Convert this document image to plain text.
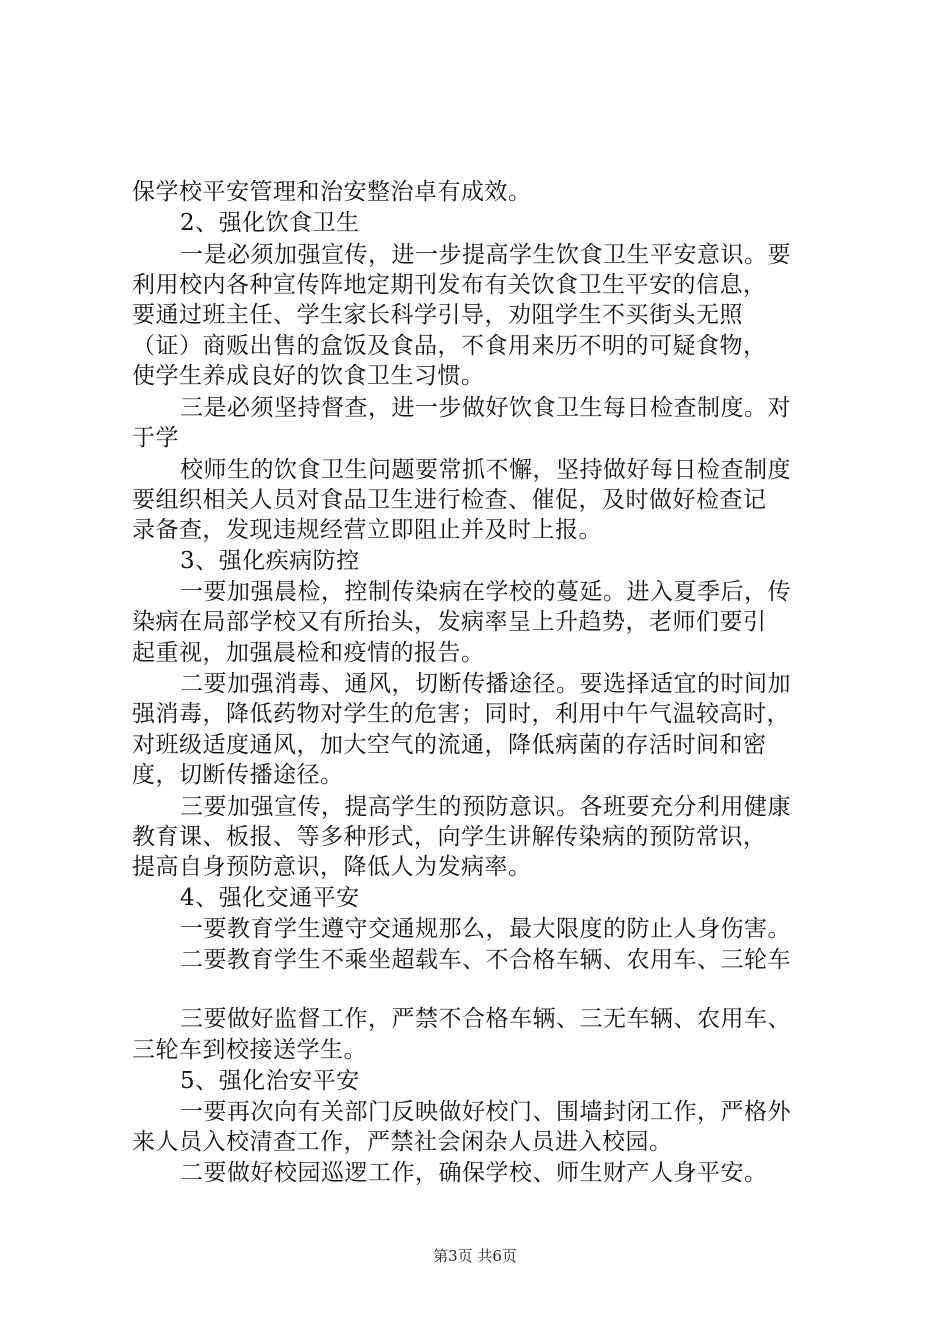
保学校平安管理和治安整治卓有成效。
2、强化饮食卫生
一是必须加强宣传，进一步提高学生饮食卫生平安意识。要
利用校内各种宣传阵地定期刊发布有关饮食卫生平安的信息，
要通过班主任、学生家长科学引导，劝阻学生不买街头无照
（证）商贩出售的盒饭及食品，不食用来历不明的可疑食物，
使学生养成良好的饮食卫生习惯。
三是必须坚持督查，进一步做好饮食卫生每日检查制度。对
于学
校师生的饮食卫生问题要常抓不懈，坚持做好每日检查制度
要组织相关人员对食品卫生进行检查、催促，及时做好检查记
录备查，发现违规经营立即阻止并及时上报。
3、强化疾病防控
一要加强晨检，控制传染病在学校的蔓延。进入夏季后，传
染病在局部学校又有所抬头，发病率呈上升趋势，老师们要引
起重视，加强晨检和疫情的报告。
二要加强消毒、通风，切断传播途径。要选择适宜的时间加
强消毒，降低药物对学生的危害；同时，利用中午气温较高时，
对班级适度通风，加大空气的流通，降低病菌的存活时间和密
度，切断传播途径。
三要加强宣传，提高学生的预防意识。各班要充分利用健康
教育课、板报、等多种形式，向学生讲解传染病的预防常识，
提高自身预防意识，降低人为发病率。
4、强化交通平安
一要教育学生遵守交通规那么，最大限度的防止人身伤害。
二要教育学生不乘坐超载车、不合格车辆、农用车、三轮车
三要做好监督工作，严禁不合格车辆、三无车辆、农用车、
三轮车到校接送学生。
5、强化治安平安
一要再次向有关部门反映做好校门、围墙封闭工作，严格外
来人员入校清查工作，严禁社会闲杂人员进入校园。
二要做好校园巡逻工作，确保学校、师生财产人身平安。
第3页 共6页
